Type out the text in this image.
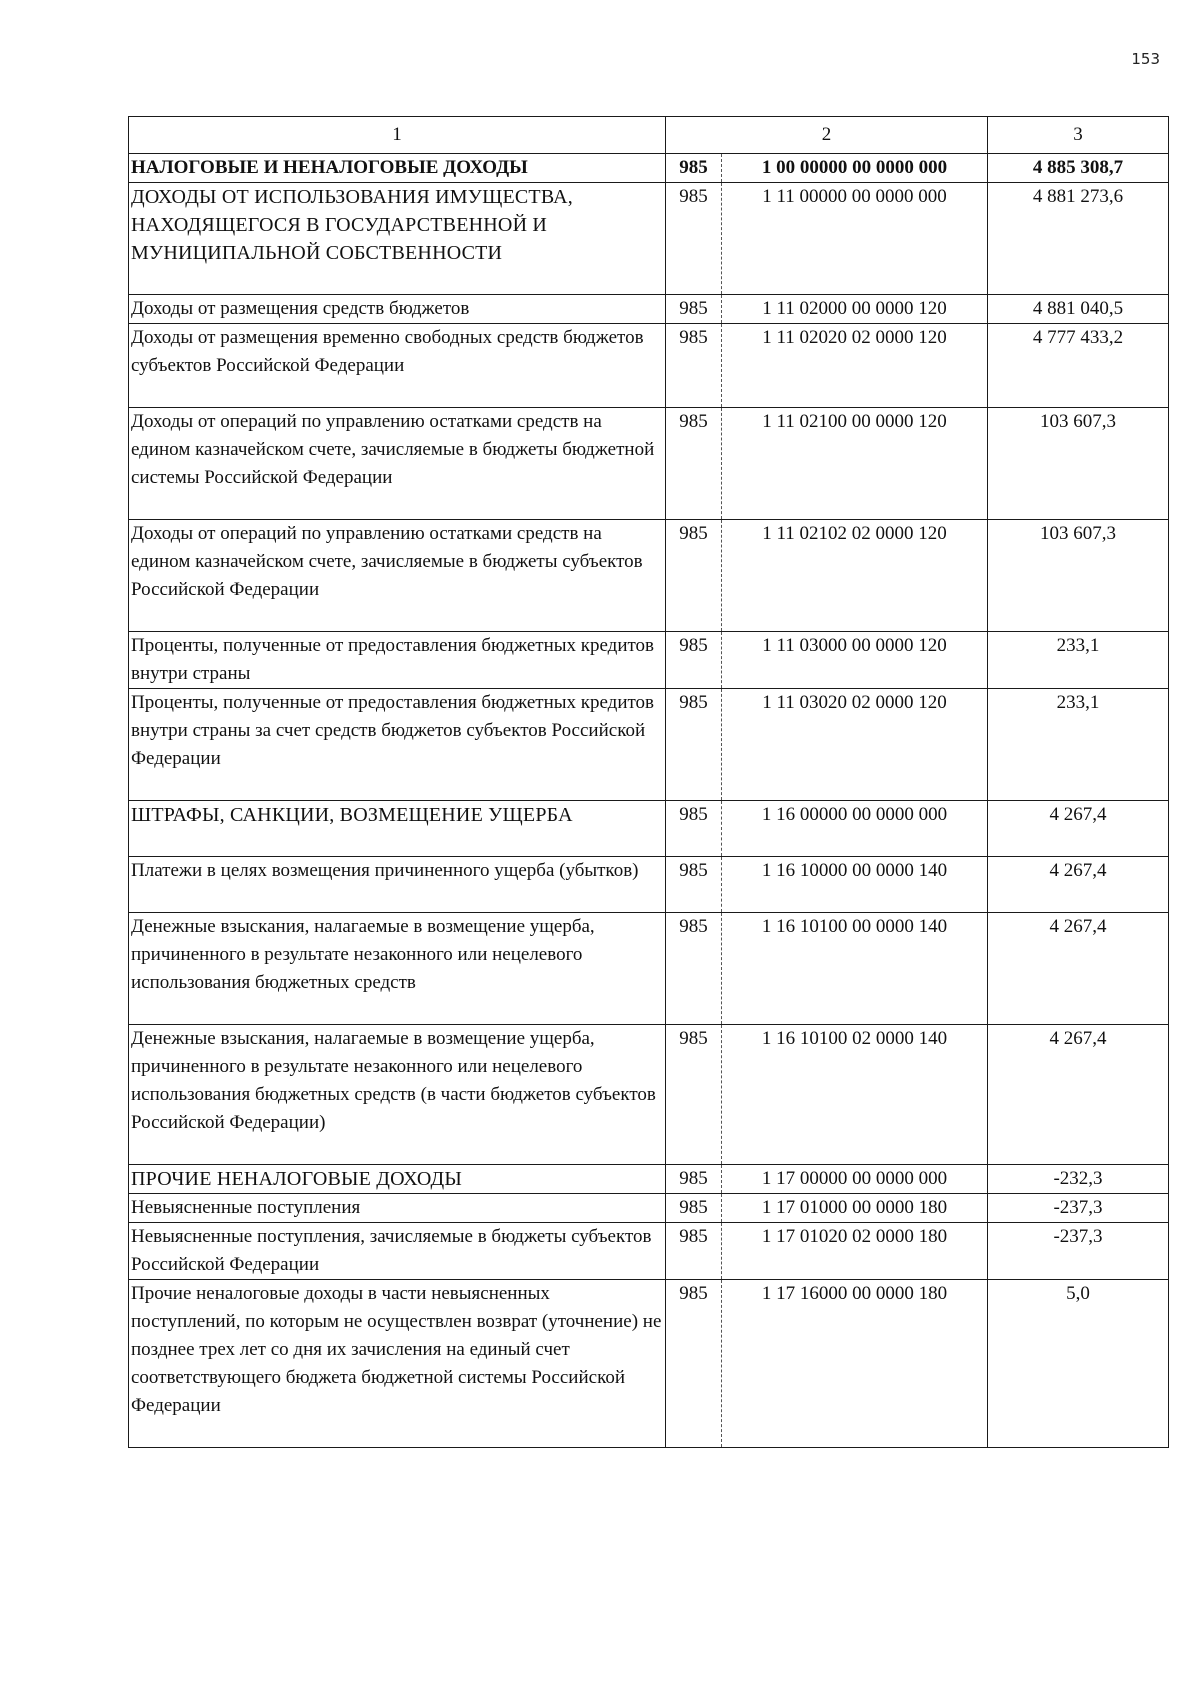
153
1	2		3
НАЛОГОВЫЕ И НЕНАЛОГОВЫЕ ДОХОДЫ	985	1 00 00000 00 0000 000	4 885 308,7
ДОХОДЫ ОТ ИСПОЛЬЗОВАНИЯ ИМУЩЕСТВА, НАХОДЯЩЕГОСЯ В ГОСУДАРСТВЕННОЙ И МУНИЦИПАЛЬНОЙ СОБСТВЕННОСТИ	985	1 11 00000 00 0000 000	4 881 273,6
Доходы от размещения средств бюджетов	985	1 11 02000 00 0000 120	4 881 040,5
Доходы от размещения временно свободных средств бюджетов субъектов Российской Федерации	985	1 11 02020 02 0000 120	4 777 433,2
Доходы от операций по управлению остатками средств на едином казначейском счете, зачисляемые в бюджеты бюджетной системы Российской Федерации	985	1 11 02100 00 0000 120	103 607,3
Доходы от операций по управлению остатками средств на едином казначейском счете, зачисляемые в бюджеты субъектов Российской Федерации	985	1 11 02102 02 0000 120	103 607,3
Проценты, полученные от предоставления бюджетных кредитов внутри страны	985	1 11 03000 00 0000 120	233,1
Проценты, полученные от предоставления бюджетных кредитов внутри страны за счет средств бюджетов субъектов Российской Федерации	985	1 11 03020 02 0000 120	233,1
ШТРАФЫ, САНКЦИИ, ВОЗМЕЩЕНИЕ УЩЕРБА	985	1 16 00000 00 0000 000	4 267,4
Платежи в целях возмещения причиненного ущерба (убытков)	985	1 16 10000 00 0000 140	4 267,4
Денежные взыскания, налагаемые в возмещение ущерба, причиненного в результате незаконного или нецелевого использования бюджетных средств	985	1 16 10100 00 0000 140	4 267,4
Денежные взыскания, налагаемые в возмещение ущерба, причиненного в результате незаконного или нецелевого использования бюджетных средств (в части бюджетов субъектов Российской Федерации)	985	1 16 10100 02 0000 140	4 267,4
ПРОЧИЕ НЕНАЛОГОВЫЕ ДОХОДЫ	985	1 17 00000 00 0000 000	-232,3
Невыясненные поступления	985	1 17 01000 00 0000 180	-237,3
Невыясненные поступления, зачисляемые в бюджеты субъектов Российской Федерации	985	1 17 01020 02 0000 180	-237,3
Прочие неналоговые доходы в части невыясненных поступлений, по которым не осуществлен возврат (уточнение) не позднее трех лет со дня их зачисления на единый счет соответствующего бюджета бюджетной системы Российской Федерации	985	1 17 16000 00 0000 180	5,0
